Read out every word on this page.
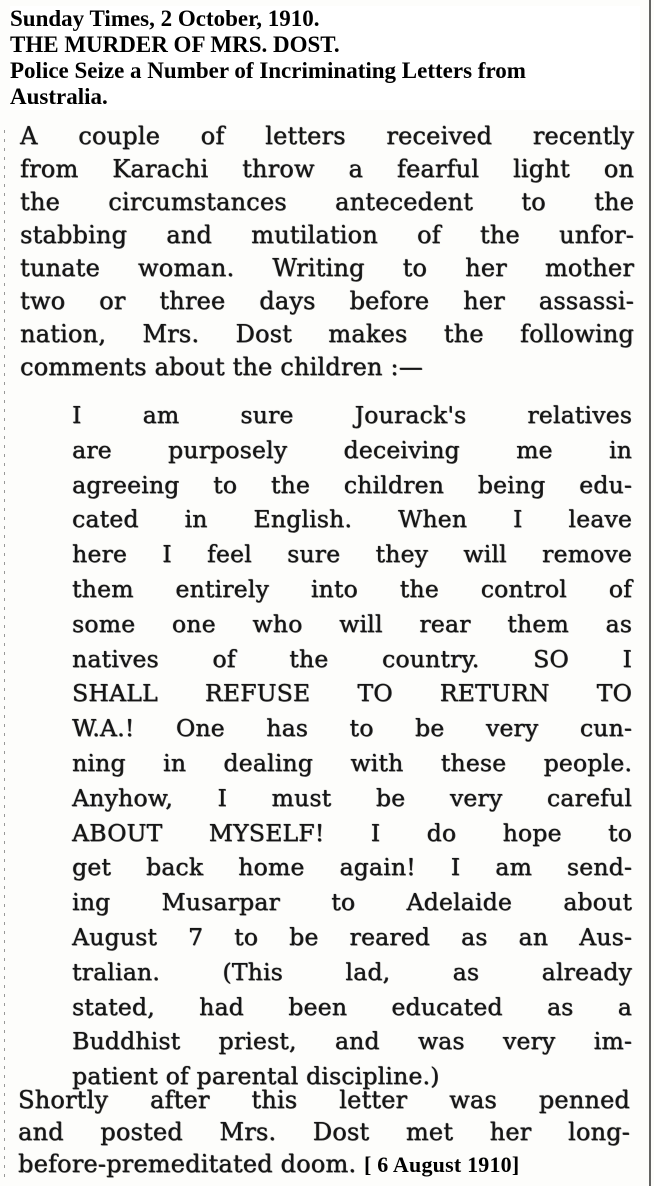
Sunday Times, 2 October, 1910.
THE MURDER OF MRS. DOST.
Police Seize a Number of Incriminating Letters from
Australia.
A couple of letters received recently
from Karachi throw a fearful light on
the circumstances antecedent to the
stabbing and mutilation of the unfor-
tunate woman. Writing to her mother
two or three days before her assassi-
nation, Mrs. Dost makes the following
comments about the children :—
I am sure Jourack's relatives
are purposely deceiving me in
agreeing to the children being edu-
cated in English. When I leave
here I feel sure they will remove
them entirely into the control of
some one who will rear them as
natives of the country. SO I
SHALL REFUSE TO RETURN TO
W.A.! One has to be very cun-
ning in dealing with these people.
Anyhow, I must be very careful
ABOUT MYSELF! I do hope to
get back home again! I am send-
ing Musarpar to Adelaide about
August 7 to be reared as an Aus-
tralian. (This lad, as already
stated, had been educated as a
Buddhist priest, and was very im-
patient of parental discipline.)
Shortly after this letter was penned
and posted Mrs. Dost met her long-
before-premeditated doom. [ 6 August 1910]
